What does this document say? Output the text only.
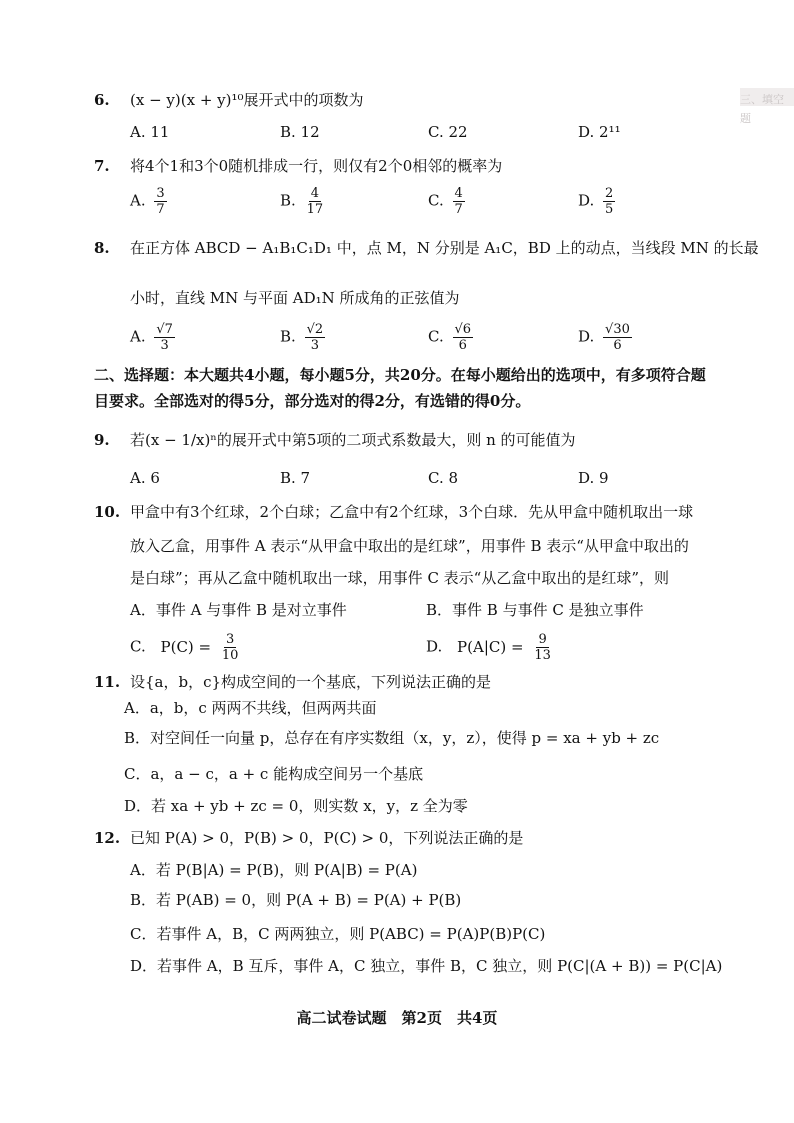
三、填空题
6. (x − y)(x + y)¹⁰展开式中的项数为
A. 11	B. 12	C. 22	D. 2¹¹
7. 将4个1和3个0随机排成一行，则仅有2个0相邻的概率为
A. $\frac{3}{7}$	B. $\frac{4}{17}$	C. $\frac{4}{7}$	D. $\frac{2}{5}$
8. 在正方体 ABCD − A₁B₁C₁D₁ 中，点 M，N 分别是 A₁C，BD 上的动点，当线段 MN 的长最
小时，直线 MN 与平面 AD₁N 所成角的正弦值为
A. $\frac{√7}{3}$	B. $\frac{√2}{3}$	C. $\frac{√6}{6}$	D. $\frac{√30}{6}$
二、选择题：本大题共4小题，每小题5分，共20分。在每小题给出的选项中，有多项符合题
目要求。全部选对的得5分，部分选对的得2分，有选错的得0分。
9. 若(x − 1/x)ⁿ的展开式中第5项的二项式系数最大，则 n 的可能值为
A. 6	B. 7	C. 8	D. 9
10. 甲盒中有3个红球，2个白球；乙盒中有2个红球，3个白球．先从甲盒中随机取出一球
放入乙盒，用事件 A 表示“从甲盒中取出的是红球”，用事件 B 表示“从甲盒中取出的
是白球”；再从乙盒中随机取出一球，用事件 C 表示“从乙盒中取出的是红球”，则
A．事件 A 与事件 B 是对立事件	B．事件 B 与事件 C 是独立事件
C. $P(C) = \frac{3}{10}$	D. $P(A|C) = \frac{9}{13}$
11. 设{a，b，c}构成空间的一个基底，下列说法正确的是
A．a，b，c 两两不共线，但两两共面
B．对空间任一向量 p，总存在有序实数组（x，y，z），使得 p = xa + yb + zc
C．a，a − c，a + c 能构成空间另一个基底
D．若 xa + yb + zc = 0，则实数 x，y，z 全为零
12. 已知 P(A) > 0，P(B) > 0，P(C) > 0，下列说法正确的是
A．若 P(B|A) = P(B)，则 P(A|B) = P(A)
B．若 P(AB) = 0，则 P(A + B) = P(A) + P(B)
C．若事件 A，B，C 两两独立，则 P(ABC) = P(A)P(B)P(C)
D．若事件 A，B 互斥，事件 A，C 独立，事件 B，C 独立，则 P(C|(A + B)) = P(C|A)
高二试卷试题　第2页　共4页
